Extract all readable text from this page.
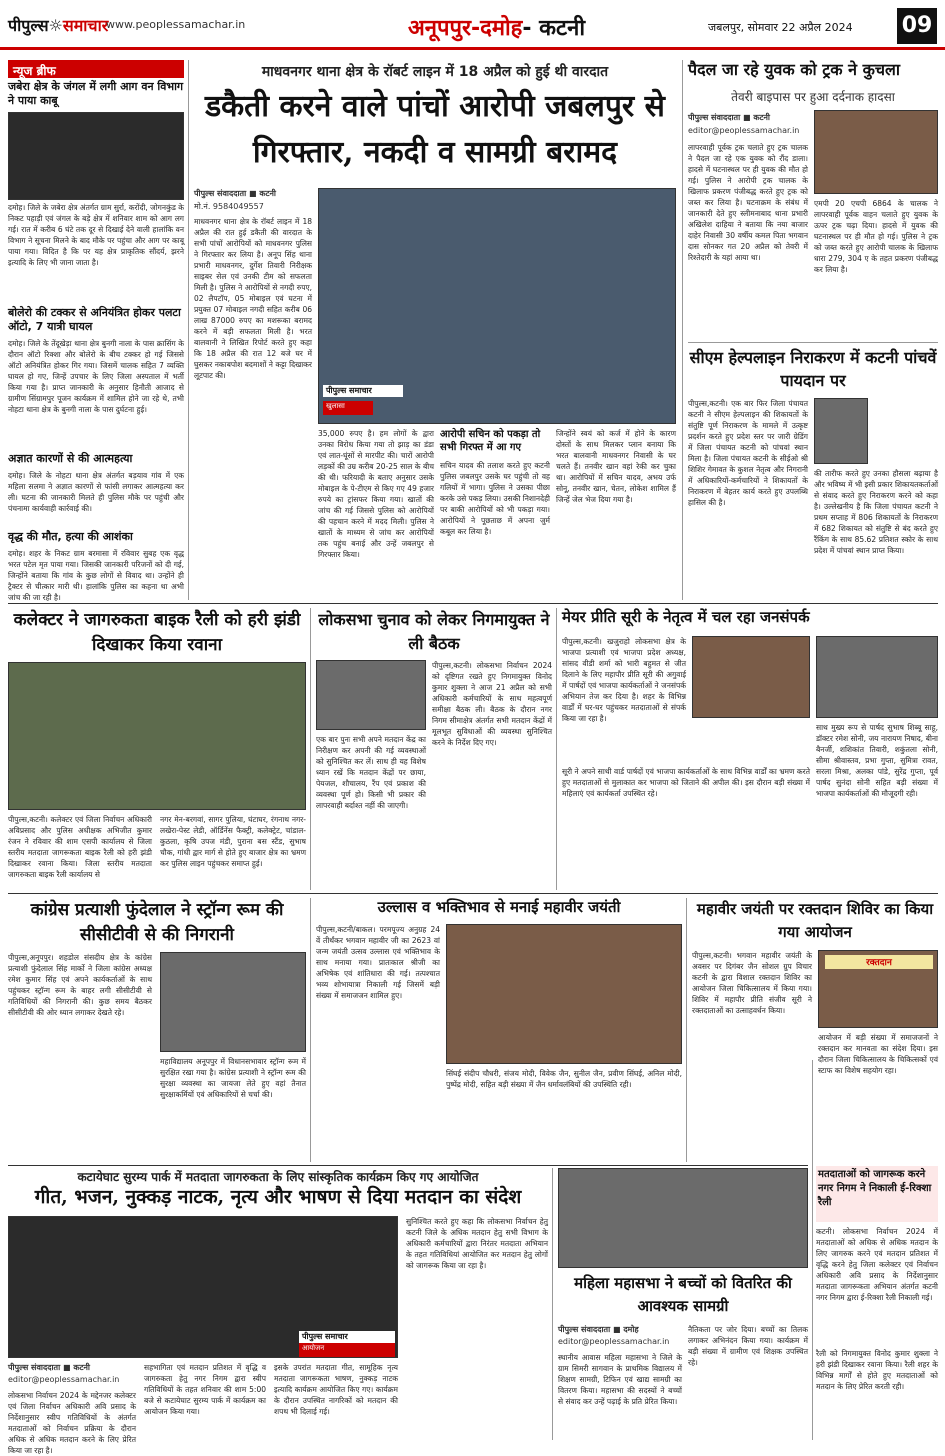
पीपुल्स☼समाचार
www.peoplessamachar.in	अनूपपुर-दमोह- कटनी	जबलपुर, सोमवार 22 अप्रैल 2024 09
न्यूज ब्रीफ
जबेरा क्षेत्र के जंगल में लगी आग वन विभाग ने पाया काबू
दमोह। जिले के जबेरा क्षेत्र अंतर्गत ग्राम सुर्रा, करोंदी, जोगनकुंड के निकट पहाड़ी एवं जंगल के बड़े क्षेत्र में शनिवार शाम को आग लग गई। रात में करीब 6 घंटे तक दूर से दिखाई देने वाली हालांकि वन विभाग ने सूचना मिलने के बाद मौके पर पहुंचा और आग पर काबू पाया गया। विदित है कि पर यह क्षेत्र प्राकृतिक सौंदर्य, झरने इत्यादि के लिए भी जाना जाता है।
बोलेरो की टक्कर से अनियंत्रित होकर पलटा ऑटो, 7 यात्री घायल
दमोह। जिले के तेंदूखेड़ा थाना क्षेत्र बुनगी नाला के पास क्रासिंग के दौरान ऑटो रिक्शा और बोलेरो के बीच टक्कर हो गई जिससे ऑटो अनियंत्रित होकर गिर गया। जिसमें चालक सहित 7 व्यक्ति घायल हो गए, जिन्हें उपचार के लिए जिला अस्पताल में भर्ती किया गया है। प्राप्त जानकारी के अनुसार हिनौती आजाद से ग्रामीण सिंग्रामपुर पूजन कार्यक्रम में शामिल होने जा रहे थे, तभी नोहटा थाना क्षेत्र के बुनगी नाला के पास दुर्घटना हुई।
अज्ञात कारणों से की आत्महत्या
दमोह। जिले के नोहटा थाना क्षेत्र अंतर्गत बड़याव गांव में एक महिला सलमा ने अज्ञात कारणों से फांसी लगाकर आत्महत्या कर ली। घटना की जानकारी मिलते ही पुलिस मौके पर पहुंची और पंचनामा कार्यवाही कार्रवाई की।
वृद्ध की मौत, हत्या की आशंका
दमोह। शहर के निकट ग्राम बरमासा में रविवार सुबह एक वृद्ध भरत पटेल मृत पाया गया। जिसकी जानकारी परिजनों को दी गई, जिन्होंने बताया कि गांव के कुछ लोगों से विवाद था। उन्होंने ही ट्रैक्टर से चीत्कार मारी थी। हालांकि पुलिस का कहना था अभी जांच की जा रही है।
माधवनगर थाना क्षेत्र के रॉबर्ट लाइन में 18 अप्रैल को हुई थी वारदात
डकैती करने वाले पांचों आरोपी जबलपुर से गिरफ्तार, नकदी व सामग्री बरामद
पीपुल्स संवाददाता ■ कटनी
मो.नं. 9584049557
माधवनगर थाना क्षेत्र के रॉबर्ट लाइन में 18 अप्रैल की रात हुई डकैती की वारदात के सभी पांचों आरोपियों को माधवनगर पुलिस ने गिरफ्तार कर लिया है। अनूप सिंह थाना प्रभारी माधवनगर, दुर्गेश तिवारी निरीक्षक साइबर सेल एवं उनकी टीम को सफलता मिली है। पुलिस ने आरोपियों से नगदी रुपए, 02 लैपटॉप, 05 मोबाइल एवं घटना में प्रयुक्त 07 मोबाइल नगदी सहित करीब 06 लाख 87000 रुपए का मशरूका बरामद करने में बड़ी सफलता मिली है। भरत बालवानी ने लिखित रिपोर्ट करते हुए कहा कि 18 अप्रैल की रात 12 बजे घर में घुसकर नकाबपोश बदमाशों ने कट्टा दिखाकर लूटपाट की।
पीपुल्स समाचार
खुलासा
35,000 रुपए है। हम लोगों के द्वारा उनका विरोध किया गया तो झाड़ का डंडा एवं लात-घूंसों से मारपीट की। चारों आरोपी लड़कों की उम्र करीब 20-25 साल के बीच की थी। फरियादी के बताए अनुसार उसके मोबाइल के पे-टीएम से किए गए 49 हजार रुपये का ट्रांसफर किया गया। खातों की जांच की गई जिससे पुलिस को आरोपियों की पहचान करने में मदद मिली। पुलिस ने खातों के माध्यम से जांच कर आरोपियों तक पहुंच बनाई और उन्हें जबलपुर से गिरफ्तार किया।
आरोपी सचिन को पकड़ा तो सभी गिरफ्त में आ गए
सचिन यादव की तलाश करते हुए कटनी पुलिस जबलपुर उसके घर पहुंची तो वह गलियों में भागा। पुलिस ने उसका पीछा करके उसे पकड़ लिया। उसकी निशानदेही पर बाकी आरोपियों को भी पकड़ा गया। आरोपियों ने पूछताछ में अपना जुर्म कबूल कर लिया है।
जिन्होंने स्वयं को कर्ज में होने के कारण दोस्तों के साथ मिलकर प्लान बनाया कि भरत बालवानी माधवनगर निवासी के घर चलते हैं। तनवीर खान वहां रेकी कर चुका था। आरोपियों में सचिन यादव, अभय उर्फ सोनू, तनवीर खान, चेतन, लोकेश शामिल हैं जिन्हें जेल भेज दिया गया है।
पैदल जा रहे युवक को ट्रक ने कुचला
तेवरी बाइपास पर हुआ दर्दनाक हादसा
पीपुल्स संवाददाता ■ कटनी
editor@peoplessamachar.in
लापरवाही पूर्वक ट्रक चलाते हुए ट्रक चालक ने पैदल जा रहे एक युवक को रौंद डाला। हादसे में घटनास्थल पर ही युवक की मौत हो गई। पुलिस ने आरोपी ट्रक चालक के खिलाफ प्रकरण पंजीबद्ध करते हुए ट्रक को जब्त कर लिया है। घटनाक्रम के संबंध में जानकारी देते हुए स्लीमनाबाद थाना प्रभारी अखिलेश दाहिया ने बताया कि नया बाजार दाहेर निवासी 30 वर्षीय कमल पिता भगवान दास सोनकर गत 20 अप्रैल को तेवरी में रिश्तेदारी के यहां आया था।
एमपी 20 एचपी 6864 के चालक ने लापरवाही पूर्वक वाहन चलाते हुए युवक के ऊपर ट्रक चढ़ा दिया। हादसे में युवक की घटनास्थल पर ही मौत हो गई। पुलिस ने ट्रक को जब्त करते हुए आरोपी चालक के खिलाफ धारा 279, 304 ए के तहत प्रकरण पंजीबद्ध कर लिया है।
सीएम हेल्पलाइन निराकरण में कटनी पांचवें पायदान पर
पीपुल्स,कटनी। एक बार फिर जिला पंचायत कटनी ने सीएम हेल्पलाइन की शिकायतों के संतुष्टि पूर्ण निराकरण के मामले में उत्कृष्ट प्रदर्शन करते हुए प्रदेश स्तर पर जारी ग्रेडिंग में जिला पंचायत कटनी को पांचवां स्थान मिला है। जिला पंचायत कटनी के सीईओ श्री शिशिर गेमावत के कुशल नेतृत्व और निगरानी में अधिकारियों-कर्मचारियों ने शिकायतों के निराकरण में बेहतर कार्य करते हुए उपलब्धि हासिल की है।
की तारीफ करते हुए उनका हौसला बढ़ाया है और भविष्य में भी इसी प्रकार शिकायतकर्ताओं से संवाद करते हुए निराकरण करने को कहा है। उल्लेखनीय है कि जिला पंचायत कटनी ने प्रथम सप्ताह में 806 शिकायतों के निराकरण में 682 शिकायत को संतुष्टि से बंद करते हुए रैंकिंग के साथ 85.62 प्रतिशत स्कोर के साथ प्रदेश में पांचवां स्थान प्राप्त किया।
कलेक्टर ने जागरुकता बाइक रैली को हरी झंडी दिखाकर किया रवाना
पीपुल्स,कटनी। कलेक्टर एवं जिला निर्वाचन अधिकारी अविप्रसाद और पुलिस अधीक्षक अभिजीत कुमार रंजन ने रविवार की शाम एसपी कार्यालय से जिला स्तरीय मतदाता जागरूकता बाइक रैली को हरी झंडी दिखाकर रवाना किया। जिला स्तरीय मतदाता जागरुकता बाइक रैली कार्यालय से
नगर मेन-बरगवां, सागर पुलिया, घंटाघर, रंगनाथ नगर-लखेरा-पेस्ट लेडी, ऑर्डिनेंस फैक्ट्री, कलेक्ट्रेट, चांडाल-कुठला, कृषि उपज मंडी, पुराना बस स्टैंड, सुभाष चौक, गांधी द्वार मार्ग से होते हुए बाजार क्षेत्र का भ्रमण कर पुलिस लाइन पहुंचकर समाप्त हुई।
लोकसभा चुनाव को लेकर निगमायुक्त ने ली बैठक
पीपुल्स,कटनी। लोकसभा निर्वाचन 2024 को दृष्टिगत रखते हुए निगमायुक्त विनोद कुमार शुक्ला ने आज 21 अप्रैल को सभी अधिकारी कर्मचारियों के साथ महत्वपूर्ण समीक्षा बैठक ली। बैठक के दौरान नगर निगम सीमाक्षेत्र अंतर्गत सभी मतदान केंद्रों में मूलभूत सुविधाओं की व्यवस्था सुनिश्चित करने के निर्देश दिए गए।
एक बार पुनः सभी अपने मतदान केंद्र का निरीक्षण कर अपनी की गई व्यवस्थाओं को सुनिश्चित कर लें। साथ ही यह विशेष ध्यान रखें कि मतदान केंद्रों पर छाया, पेयजल, शौचालय, रैंप एवं प्रकाश की व्यवस्था पूर्ण हो। किसी भी प्रकार की लापरवाही बर्दाश्त नहीं की जाएगी।
मेयर प्रीति सूरी के नेतृत्व में चल रहा जनसंपर्क
पीपुल्स,कटनी। खजुराहो लोकसभा क्षेत्र के भाजपा प्रत्याशी एवं भाजपा प्रदेश अध्यक्ष, सांसद वीडी शर्मा को भारी बहुमत से जीत दिलाने के लिए महापौर प्रीति सूरी की अगुवाई में पार्षदों एवं भाजपा कार्यकर्ताओं ने जनसंपर्क अभियान तेज कर दिया है। शहर के विभिन्न वार्डों में घर-घर पहुंचकर मतदाताओं से संपर्क किया जा रहा है।
सूरी ने अपने साथी वार्ड पार्षदों एवं भाजपा कार्यकर्ताओं के साथ विभिन्न वार्डों का भ्रमण करते हुए मतदाताओं से मुलाकात कर भाजपा को जिताने की अपील की। इस दौरान बड़ी संख्या में महिलाएं एवं कार्यकर्ता उपस्थित रहे।
साथ मुख्य रूप से पार्षद सुभाष शिब्बू साहू, डॉक्टर रमेश सोनी, जय नारायण निषाद, बीना बैनर्जी, शशिकांत तिवारी, शकुंतला सोनी, सीमा श्रीवास्तव, प्रभा गुप्ता, सुमित्रा रावत, सरला मिश्रा, अलका पांडे, सुरेंद्र गुप्ता, पूर्व पार्षद सुनंदा सोनी सहित बड़ी संख्या में भाजपा कार्यकर्ताओं की मौजूदगी रही।
कांग्रेस प्रत्याशी फुंदेलाल ने स्ट्रॉन्ग रूम की सीसीटीवी से की निगरानी
पीपुल्स,अनूपपुर। शहडोल संसदीय क्षेत्र के कांग्रेस प्रत्याशी फुंदेलाल सिंह मार्को ने जिला कांग्रेस अध्यक्ष रमेश कुमार सिंह एवं अपने कार्यकर्ताओं के साथ पहुंचकर स्ट्रॉन्ग रूम के बाहर लगी सीसीटीवी से गतिविधियों की निगरानी की। कुछ समय बैठकर सीसीटीवी की ओर ध्यान लगाकर देखते रहे।
महाविद्यालय अनूपपुर में विधानसभावार स्ट्रॉन्ग रूम में सुरक्षित रखा गया है। कांग्रेस प्रत्याशी ने स्ट्रॉन्ग रूम की सुरक्षा व्यवस्था का जायजा लेते हुए वहां तैनात सुरक्षाकर्मियों एवं अधिकारियों से चर्चा की।
उल्लास व भक्तिभाव से मनाई महावीर जयंती
पीपुल्स,कटनी/बाकल। परमपूज्य अनुग्रह 24 वें तीर्थंकर भगवान महावीर जी का 2623 वां जन्म जयंती उत्सव उल्लास एवं भक्तिभाव के साथ मनाया गया। प्रातःकाल श्रीजी का अभिषेक एवं शांतिधारा की गई। तत्पश्चात भव्य शोभायात्रा निकाली गई जिसमें बड़ी संख्या में समाजजन शामिल हुए।
सिंघई संदीप चौधरी, संजय मोदी, विवेक जैन, सुनील जैन, प्रवीण सिंघई, अनिल मोदी, पुष्पेंद्र मोदी, सहित बड़ी संख्या में जैन धर्मावलंबियों की उपस्थिति रही।
महावीर जयंती पर रक्तदान शिविर का किया गया आयोजन
पीपुल्स,कटनी। भगवान महावीर जयंती के अवसर पर दिगंबर जैन सोशल ग्रुप विचार कटनी के द्वारा विशाल रक्तदान शिविर का आयोजन जिला चिकित्सालय में किया गया। शिविर में महापौर प्रीति संजीव सूरी ने रक्तदाताओं का उत्साहवर्धन किया।
रक्तदान
आयोजन में बड़ी संख्या में समाजजनों ने रक्तदान कर मानवता का संदेश दिया। इस दौरान जिला चिकित्सालय के चिकित्सकों एवं स्टाफ का विशेष सहयोग रहा।
कटायेघाट सुरम्य पार्क में मतदाता जागरुकता के लिए सांस्कृतिक कार्यक्रम किए गए आयोजित
गीत, भजन, नुक्कड़ नाटक, नृत्य और भाषण से दिया मतदान का संदेश
पीपुल्स समाचार
आयोजन
पीपुल्स संवाददाता ■ कटनी
editor@peoplessamachar.in
लोकसभा निर्वाचन 2024 के मद्देनजर कलेक्टर एवं जिला निर्वाचन अधिकारी अवि प्रसाद के निर्देशानुसार स्वीप गतिविधियों के अंतर्गत मतदाताओं को निर्वाचन प्रक्रिया के दौरान अधिक से अधिक मतदान करने के लिए प्रेरित किया जा रहा है।
सहभागिता एवं मतदान प्रतिशत में वृद्धि व जागरुकता हेतु नगर निगम द्वारा स्वीप गतिविधियों के तहत शनिवार की शाम 5:00 बजे से कटायेघाट सुरम्य पार्क में कार्यक्रम का आयोजन किया गया।
इसके उपरांत मतदाता गीत, सामूहिक नृत्य मतदाता जागरूकता भाषण, नुक्कड़ नाटक इत्यादि कार्यक्रम आयोजित किए गए। कार्यक्रम के दौरान उपस्थित नागरिकों को मतदान की शपथ भी दिलाई गई।
सुनिश्चित करते हुए कहा कि लोकसभा निर्वाचन हेतु कटनी जिले के अधिक मतदान हेतु सभी विभाग के अधिकारी कर्मचारियों द्वारा निरंतर मतदाता अभियान के तहत गतिविधियां आयोजित कर मतदान हेतु लोगों को जागरूक किया जा रहा है।
महिला महासभा ने बच्चों को वितरित की आवश्यक सामग्री
पीपुल्स संवाददाता ■ दमोह
editor@peoplessamachar.in
स्थानीय आवास महिला महासभा ने जिले के ग्राम सिमरी सागवान के प्राथमिक विद्यालय में शिक्षण सामग्री, टिफिन एवं खाद्य सामग्री का वितरण किया। महासभा की सदस्यों ने बच्चों से संवाद कर उन्हें पढ़ाई के प्रति प्रेरित किया।
नैतिकता पर जोर दिया। बच्चों का तिलक लगाकर अभिनंदन किया गया। कार्यक्रम में बड़ी संख्या में ग्रामीण एवं शिक्षक उपस्थित रहे।
मतदाताओं को जागरूक करने नगर निगम ने निकाली ई-रिक्शा रैली
कटनी। लोकसभा निर्वाचन 2024 में मतदाताओं को अधिक से अधिक मतदान के लिए जागरुक करने एवं मतदान प्रतिशत में वृद्धि करने हेतु जिला कलेक्टर एवं निर्वाचन अधिकारी अवि प्रसाद के निर्देशानुसार मतदाता जागरूकता अभियान अंतर्गत कटनी नगर निगम द्वारा ई-रिक्शा रैली निकाली गई।
रैली को निगमायुक्त विनोद कुमार शुक्ला ने हरी झंडी दिखाकर रवाना किया। रैली शहर के विभिन्न मार्गों से होते हुए मतदाताओं को मतदान के लिए प्रेरित करती रही।
